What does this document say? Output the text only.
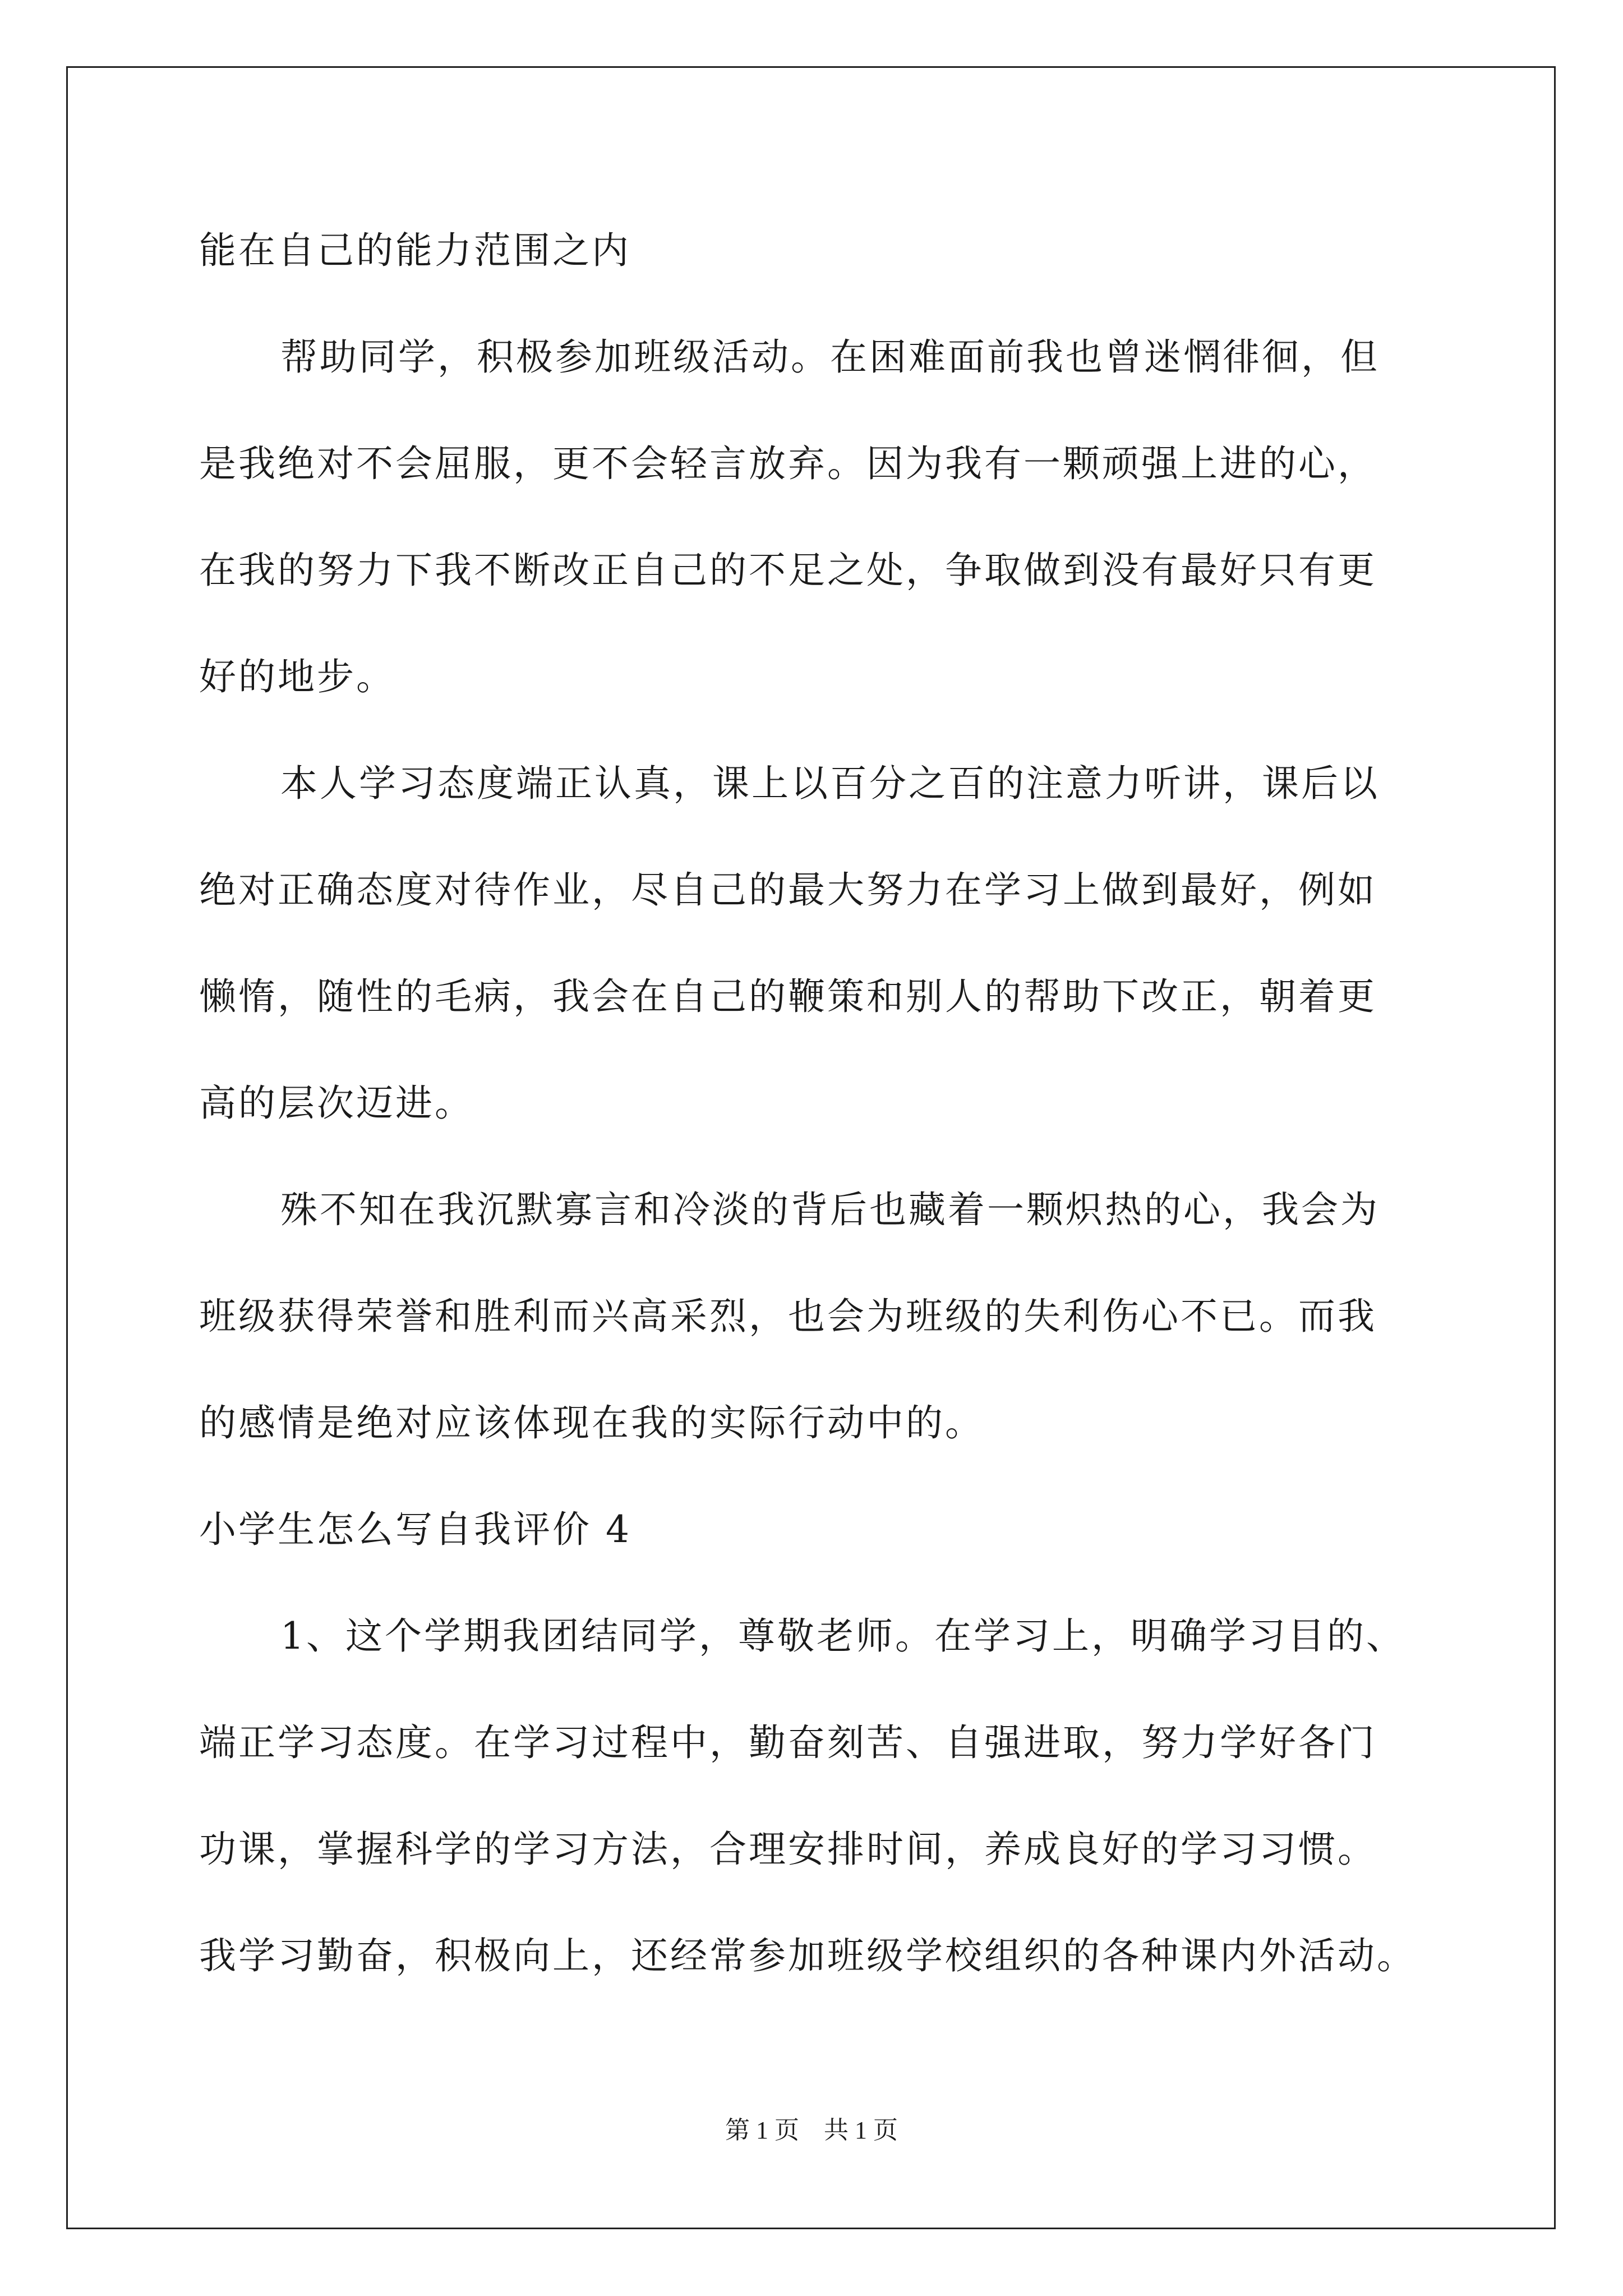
能在自己的能力范围之内
帮助同学，积极参加班级活动。在困难面前我也曾迷惘徘徊，但
是我绝对不会屈服，更不会轻言放弃。因为我有一颗顽强上进的心，
在我的努力下我不断改正自己的不足之处，争取做到没有最好只有更
好的地步。
本人学习态度端正认真，课上以百分之百的注意力听讲，课后以
绝对正确态度对待作业，尽自己的最大努力在学习上做到最好，例如
懒惰，随性的毛病，我会在自己的鞭策和别人的帮助下改正，朝着更
高的层次迈进。
殊不知在我沉默寡言和冷淡的背后也藏着一颗炽热的心，我会为
班级获得荣誉和胜利而兴高采烈，也会为班级的失利伤心不已。而我
的感情是绝对应该体现在我的实际行动中的。
小学生怎么写自我评价 4
1、这个学期我团结同学，尊敬老师。在学习上，明确学习目的、
端正学习态度。在学习过程中，勤奋刻苦、自强进取，努力学好各门
功课，掌握科学的学习方法，合理安排时间，养成良好的学习习惯。
我学习勤奋，积极向上，还经常参加班级学校组织的各种课内外活动。
第 1 页　共 1 页
